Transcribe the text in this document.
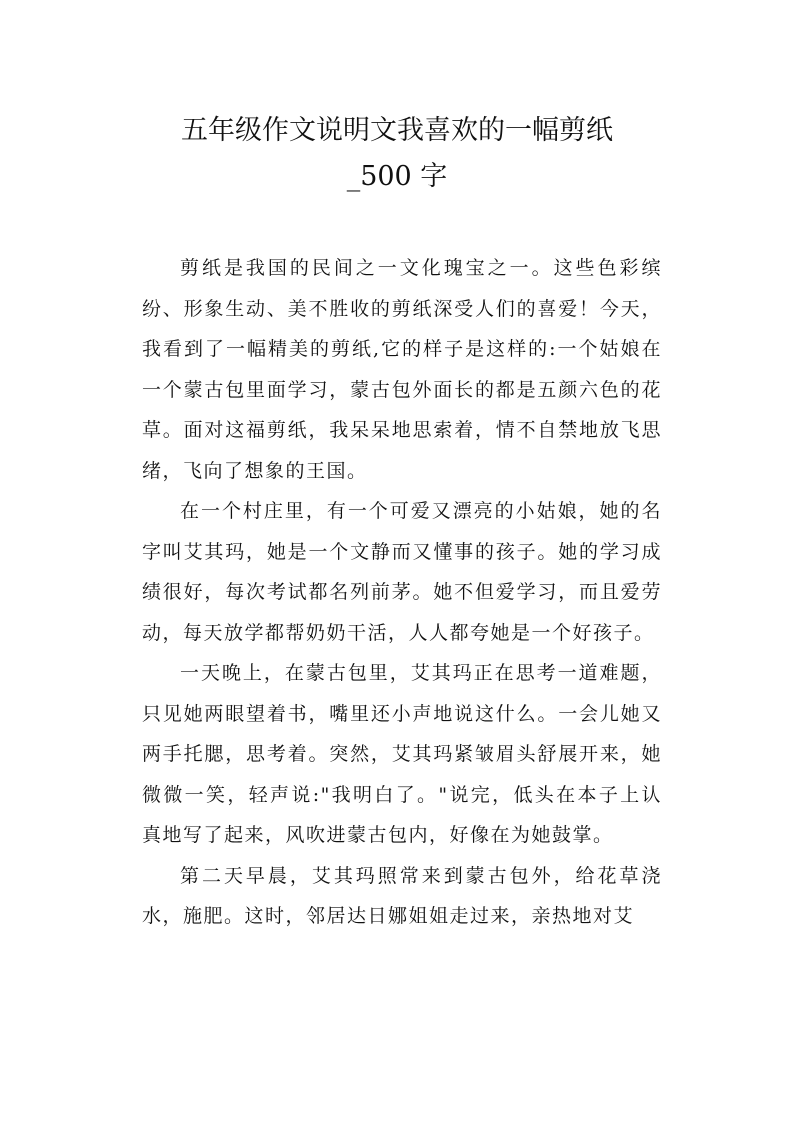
五年级作文说明文我喜欢的一幅剪纸
_500 字

剪纸是我国的民间之一文化瑰宝之一。这些色彩缤纷、形象生动、美不胜收的剪纸深受人们的喜爱！今天，我看到了一幅精美的剪纸,它的样子是这样的:一个姑娘在一个蒙古包里面学习，蒙古包外面长的都是五颜六色的花草。面对这福剪纸，我呆呆地思索着，情不自禁地放飞思绪，飞向了想象的王国。

在一个村庄里，有一个可爱又漂亮的小姑娘，她的名字叫艾其玛，她是一个文静而又懂事的孩子。她的学习成绩很好，每次考试都名列前茅。她不但爱学习，而且爱劳动，每天放学都帮奶奶干活，人人都夸她是一个好孩子。

一天晚上，在蒙古包里，艾其玛正在思考一道难题，只见她两眼望着书，嘴里还小声地说这什么。一会儿她又两手托腮，思考着。突然，艾其玛紧皱眉头舒展开来，她微微一笑，轻声说:"我明白了。"说完，低头在本子上认真地写了起来，风吹进蒙古包内，好像在为她鼓掌。

第二天早晨，艾其玛照常来到蒙古包外，给花草浇水，施肥。这时，邻居达日娜姐姐走过来，亲热地对艾
